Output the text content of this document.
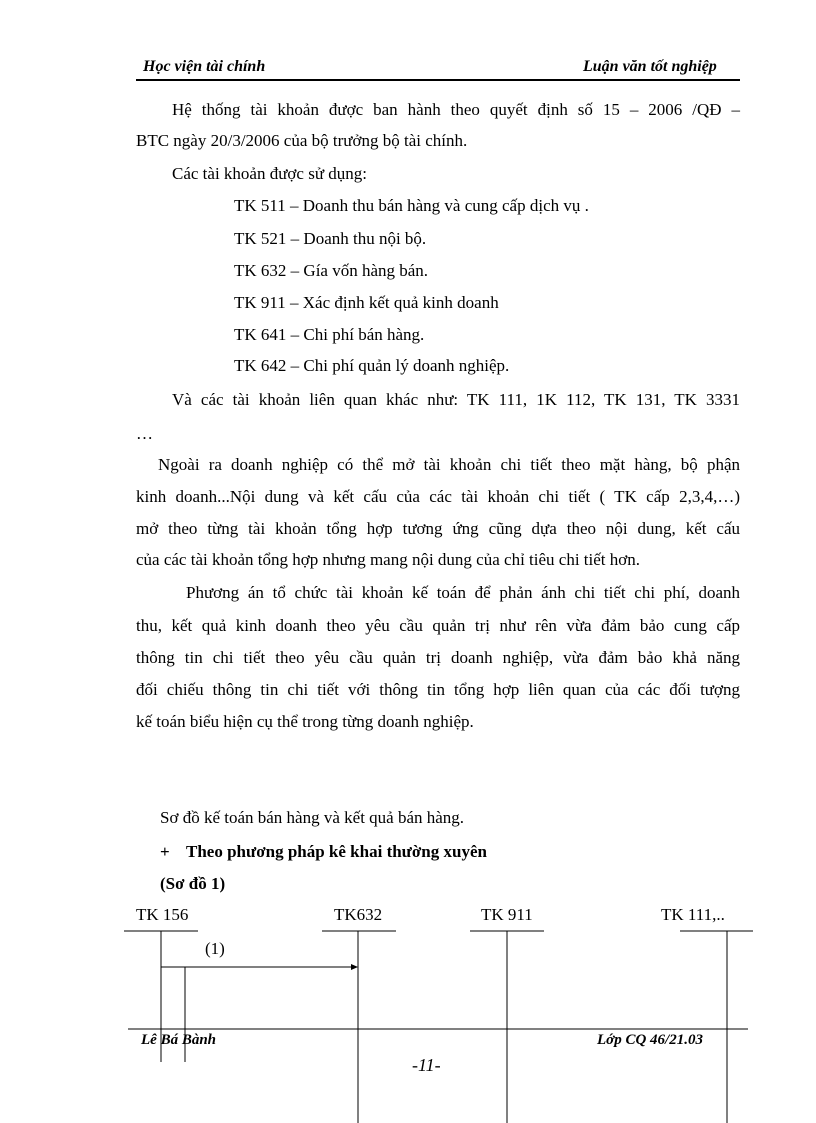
Học viện tài chính	Luận văn tốt nghiệp
Hệ thống tài khoản được ban hành theo quyết định số 15 – 2006 /QĐ –
BTC ngày 20/3/2006 của bộ trưởng bộ tài chính.
Các tài khoản được sử dụng:
TK 511 – Doanh thu bán hàng và cung cấp dịch vụ .
TK 521 – Doanh thu nội bộ.
TK 632 – Gía vốn hàng bán.
TK 911 – Xác định kết quả kinh doanh
TK 641 – Chi phí bán hàng.
TK 642 – Chi phí quản lý doanh nghiệp.
Và các tài khoản liên quan khác như: TK 111, 1K 112, TK 131, TK 3331
…
Ngoài ra doanh nghiệp có thể mở tài khoản chi tiết theo mặt hàng, bộ phận
kinh doanh...Nội dung và kết cấu của các tài khoản chi tiết ( TK cấp 2,3,4,…)
mở theo từng tài khoản tổng hợp tương ứng cũng dựa theo nội dung, kết cấu
của các tài khoản tổng hợp nhưng mang nội dung của chỉ tiêu chi tiết hơn.
Phương án tổ chức tài khoản kế toán để phản ánh chi tiết chi phí, doanh
thu, kết quả kinh doanh theo yêu cầu quản trị như rên vừa đảm bảo cung cấp
thông tin chi tiết theo yêu cầu quản trị doanh nghiệp, vừa đảm bảo khả năng
đối chiếu thông tin chi tiết với thông tin tổng hợp liên quan của các đối tượng
kế toán biểu hiện cụ thể trong từng doanh nghiệp.
Sơ đồ kế toán bán hàng và kết quả bán hàng.
+ Theo phương pháp kê khai thường xuyên
(Sơ đồ 1)
TK 156	TK632	TK 911	TK 111,..
(1)
Lê Bá Bành	Lớp CQ 46/21.03
-11-
